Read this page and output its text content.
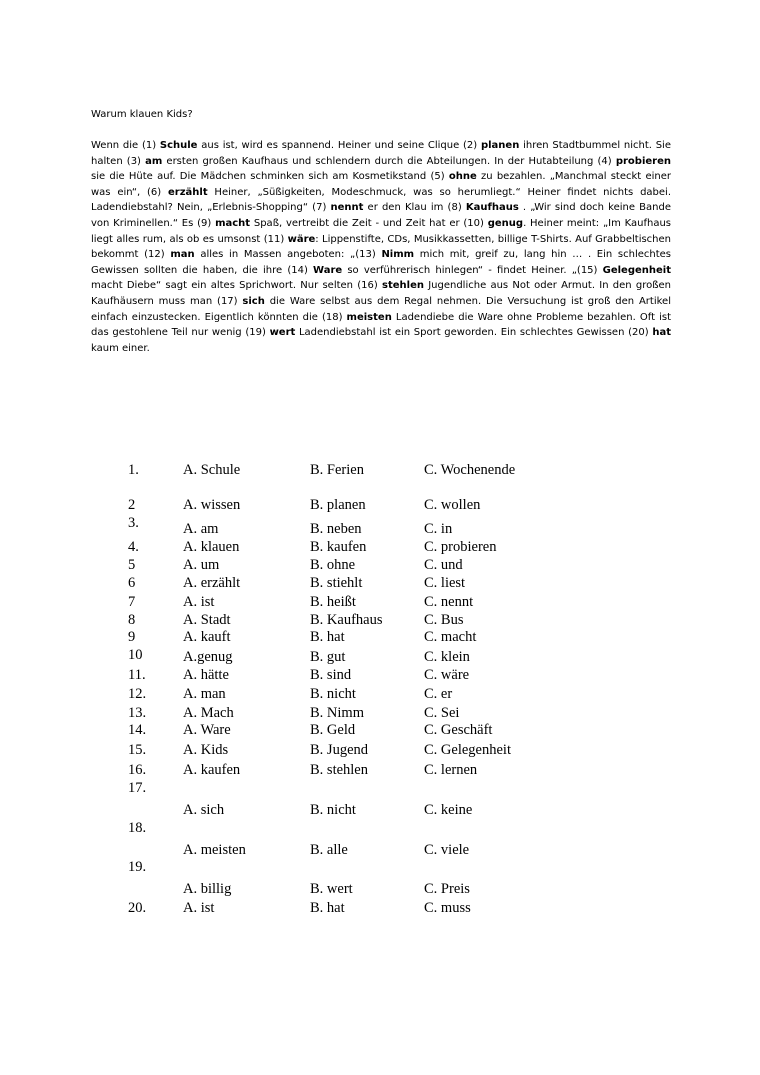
Warum klauen Kids?
Wenn die (1) Schule aus ist, wird es spannend. Heiner und seine Clique (2) planen ihren Stadtbummel nicht. Sie halten (3) am ersten großen Kaufhaus und schlendern durch die Abteilungen. In der Hutabteilung (4) probieren sie die Hüte auf. Die Mädchen schminken sich am Kosmetikstand (5) ohne zu bezahlen. „Manchmal steckt einer was ein“, (6) erzählt Heiner, „Süßigkeiten, Modeschmuck, was so herumliegt.“ Heiner findet nichts dabei. Ladendiebstahl? Nein, „Erlebnis-Shopping“ (7) nennt er den Klau im (8) Kaufhaus . „Wir sind doch keine Bande von Kriminellen.“ Es (9) macht Spaß, vertreibt die Zeit - und Zeit hat er (10) genug. Heiner meint: „Im Kaufhaus liegt alles rum, als ob es umsonst (11) wäre: Lippenstifte, CDs, Musikkassetten, billige T-Shirts. Auf Grabbeltischen bekommt (12) man alles in Massen angeboten: „(13) Nimm mich mit, greif zu, lang hin … . Ein schlechtes Gewissen sollten die haben, die ihre (14) Ware so verführerisch hinlegen“ - findet Heiner. „(15) Gelegenheit macht Diebe“ sagt ein altes Sprichwort. Nur selten (16) stehlen Jugendliche aus Not oder Armut. In den großen Kaufhäusern muss man (17) sich die Ware selbst aus dem Regal nehmen. Die Versuchung ist groß den Artikel einfach einzustecken. Eigentlich könnten die (18) meisten Ladendiebe die Ware ohne Probleme bezahlen. Oft ist das gestohlene Teil nur wenig (19) wert Ladendiebstahl ist ein Sport geworden. Ein schlechtes Gewissen (20) hat kaum einer.
1.	A. Schule	B. Ferien	C. Wochenende
2	A. wissen	B. planen	C. wollen
3.	A. am	B. neben	C. in
4.	A. klauen	B. kaufen	C. probieren
5	A. um	B. ohne	C. und
6	A. erzählt	B. stiehlt	C. liest
7	A. ist	B. heißt	C. nennt
8	A. Stadt	B. Kaufhaus	C. Bus
9	A. kauft	B. hat	C. macht
10	A.genug	B. gut	C. klein
11.	A. hätte	B. sind	C. wäre
12.	A. man	B. nicht	C. er
13.	A. Mach	B. Nimm	C. Sei
14.	A. Ware	B. Geld	C. Geschäft
15.	A. Kids	B. Jugend	C. Gelegenheit
16.	A. kaufen	B. stehlen	C. lernen
17.
A. sich	B. nicht	C. keine
18.
A. meisten	B. alle	C. viele
19.
A. billig	B. wert	C. Preis
20.	A. ist	B. hat	C. muss
